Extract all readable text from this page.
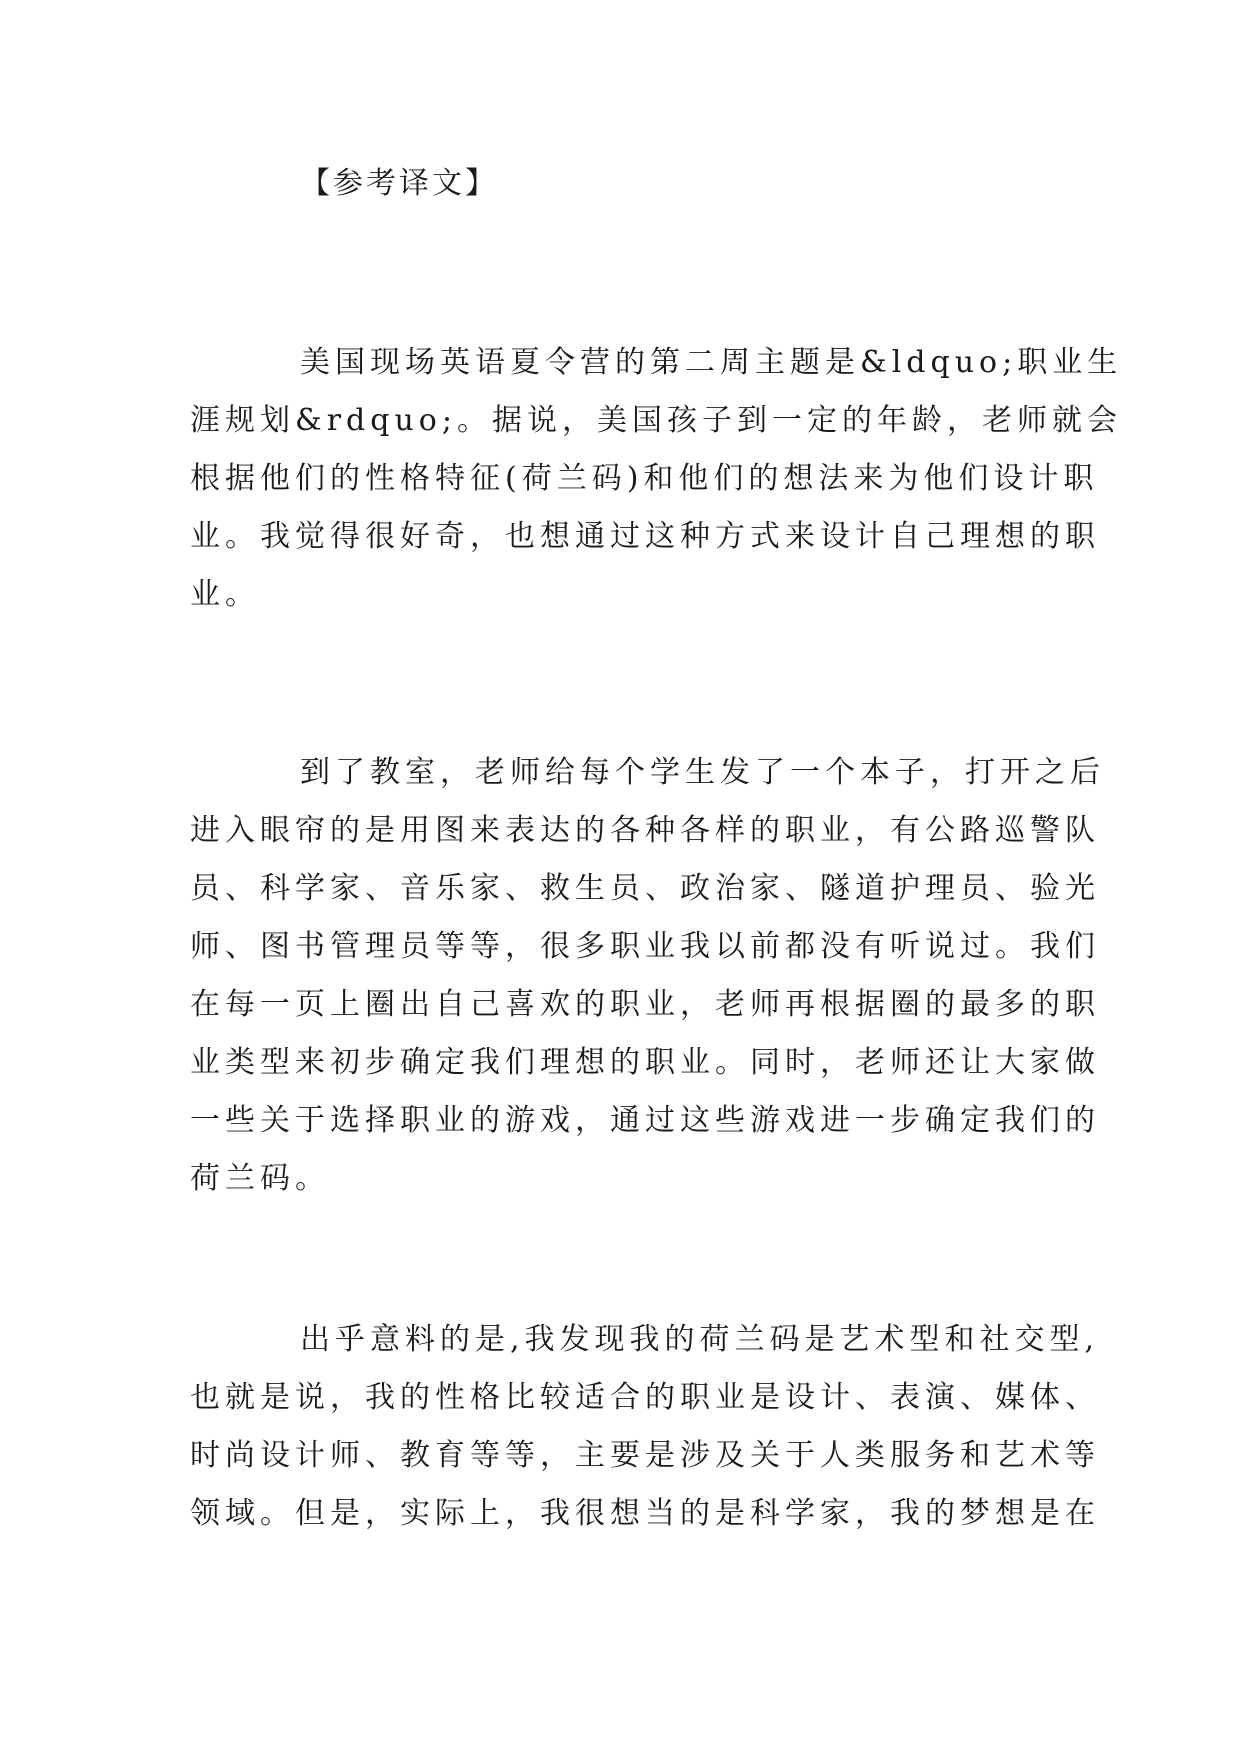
【参考译文】

美国现场英语夏令营的第二周主题是&ldquo;职业生
涯规划&rdquo;。据说，美国孩子到一定的年龄，老师就会
根据他们的性格特征(荷兰码)和他们的想法来为他们设计职
业。我觉得很好奇，也想通过这种方式来设计自己理想的职
业。

到了教室，老师给每个学生发了一个本子，打开之后
进入眼帘的是用图来表达的各种各样的职业，有公路巡警队
员、科学家、音乐家、救生员、政治家、隧道护理员、验光
师、图书管理员等等，很多职业我以前都没有听说过。我们
在每一页上圈出自己喜欢的职业，老师再根据圈的最多的职
业类型来初步确定我们理想的职业。同时，老师还让大家做
一些关于选择职业的游戏，通过这些游戏进一步确定我们的
荷兰码。

出乎意料的是,我发现我的荷兰码是艺术型和社交型,
也就是说，我的性格比较适合的职业是设计、表演、媒体、
时尚设计师、教育等等，主要是涉及关于人类服务和艺术等
领域。但是，实际上，我很想当的是科学家，我的梦想是在
